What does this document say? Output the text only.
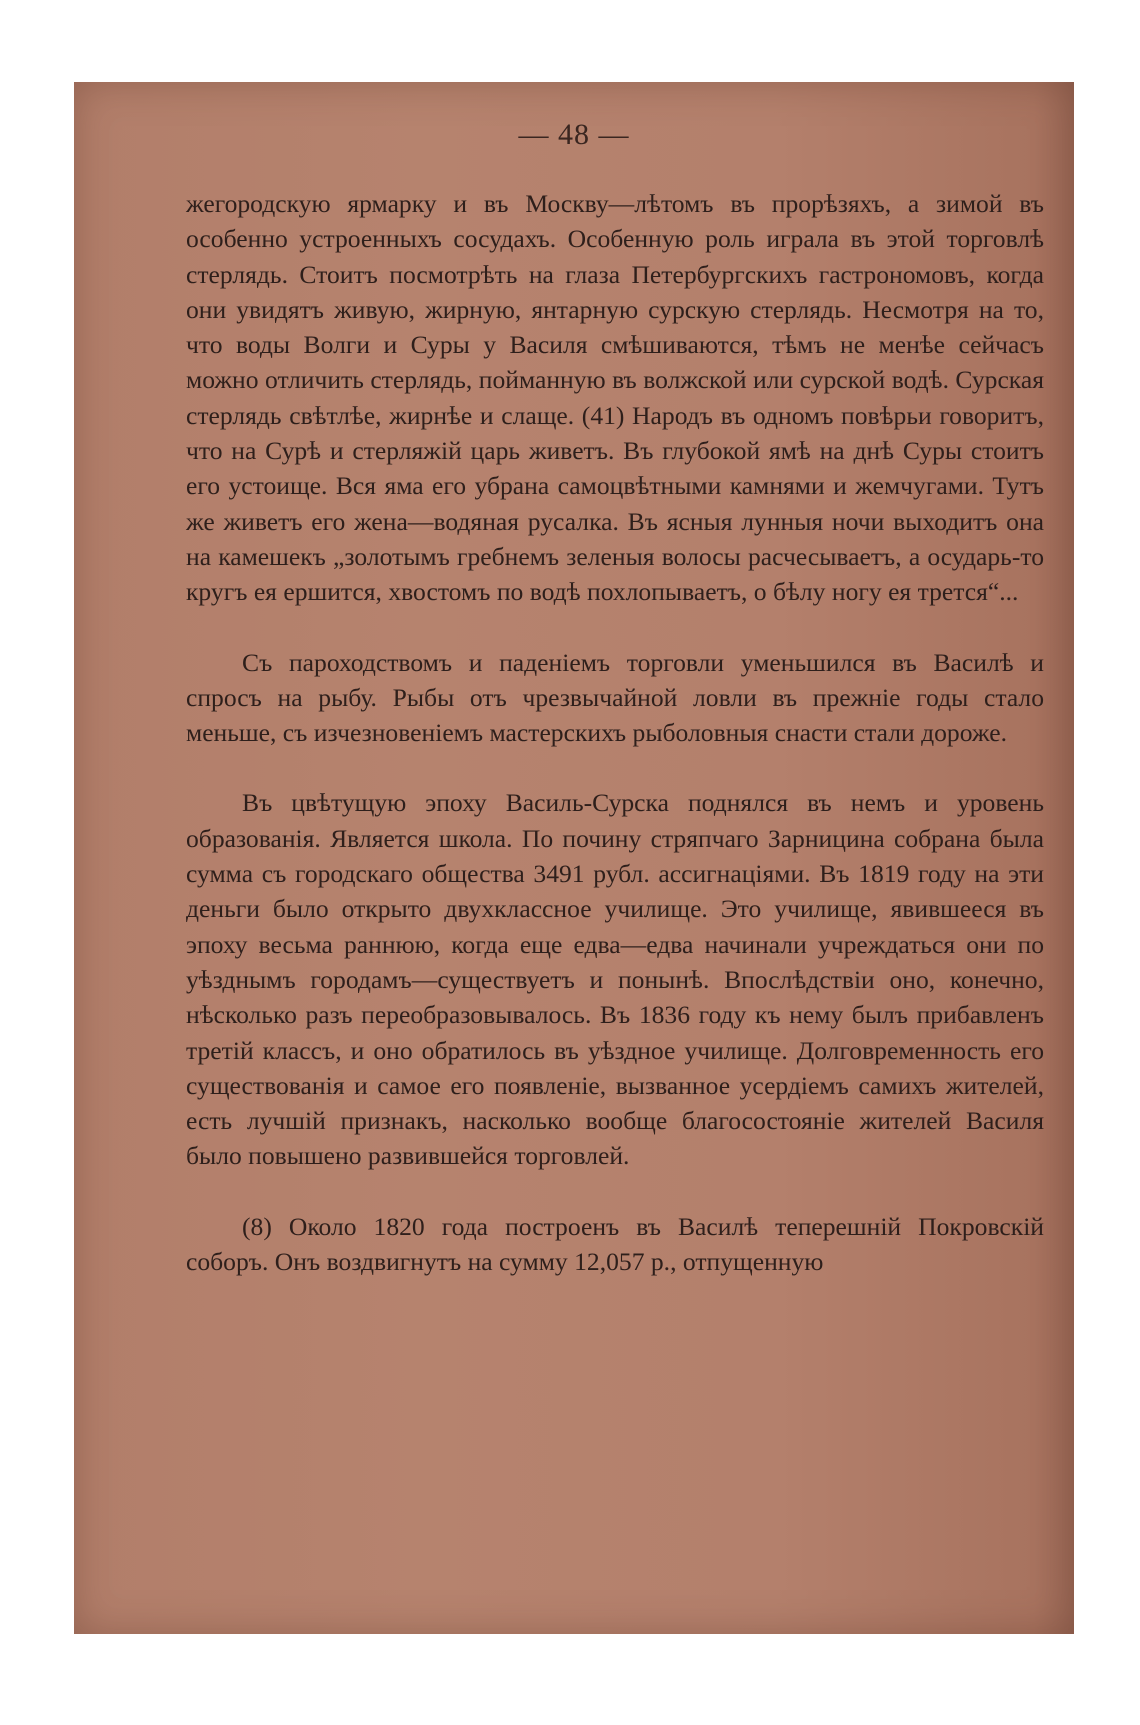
— 48 —

жегородскую ярмарку и въ Москву—лѣтомъ въ прорѣзяхъ, а зимой въ особенно устроенныхъ сосудахъ. Особенную роль играла въ этой торговлѣ стерлядь. Стоитъ посмотрѣть на глаза Петербургскихъ гастрономовъ, когда они увидятъ живую, жирную, янтарную сурскую стерлядь. Несмотря на то, что воды Волги и Суры у Василя смѣшиваются, тѣмъ не менѣе сейчасъ можно отличить стерлядь, пойманную въ волжской или сурской водѣ. Сурская стерлядь свѣтлѣе, жирнѣе и слаще. (41) Народъ въ одномъ повѣрьи говоритъ, что на Сурѣ и стерляжій царь живетъ. Въ глубокой ямѣ на днѣ Суры стоитъ его устоище. Вся яма его убрана самоцвѣтными камнями и жемчугами. Тутъ же живетъ его жена—водяная русалка. Въ ясныя лунныя ночи выходитъ она на камешекъ „золотымъ гребнемъ зеленыя волосы расчесываетъ, а осударь-то кругъ ея ершится, хвостомъ по водѣ похлопываетъ, о бѣлу ногу ея трется“...

Съ пароходствомъ и паденіемъ торговли уменьшился въ Василѣ и спросъ на рыбу. Рыбы отъ чрезвычайной ловли въ прежніе годы стало меньше, съ изчезновеніемъ мастерскихъ рыболовныя снасти стали дороже.

Въ цвѣтущую эпоху Василь-Сурска поднялся въ немъ и уровень образованія. Является школа. По почину стряпчаго Зарницина собрана была сумма съ городскаго общества 3491 рубл. ассигнаціями. Въ 1819 году на эти деньги было открыто двухклассное училище. Это училище, явившееся въ эпоху весьма раннюю, когда еще едва—едва начинали учреждаться они по уѣзднымъ городамъ—существуетъ и понынѣ. Впослѣдствіи оно, конечно, нѣсколько разъ переобразовывалось. Въ 1836 году къ нему былъ прибавленъ третій классъ, и оно обратилось въ уѣздное училище. Долговременность его существованія и самое его появленіе, вызванное усердіемъ самихъ жителей, есть лучшій признакъ, насколько вообще благосостояніе жителей Василя было повышено развившейся торговлей.

(8) Около 1820 года построенъ въ Василѣ теперешній Покровскій соборъ. Онъ воздвигнутъ на сумму 12,057 р., отпущенную
